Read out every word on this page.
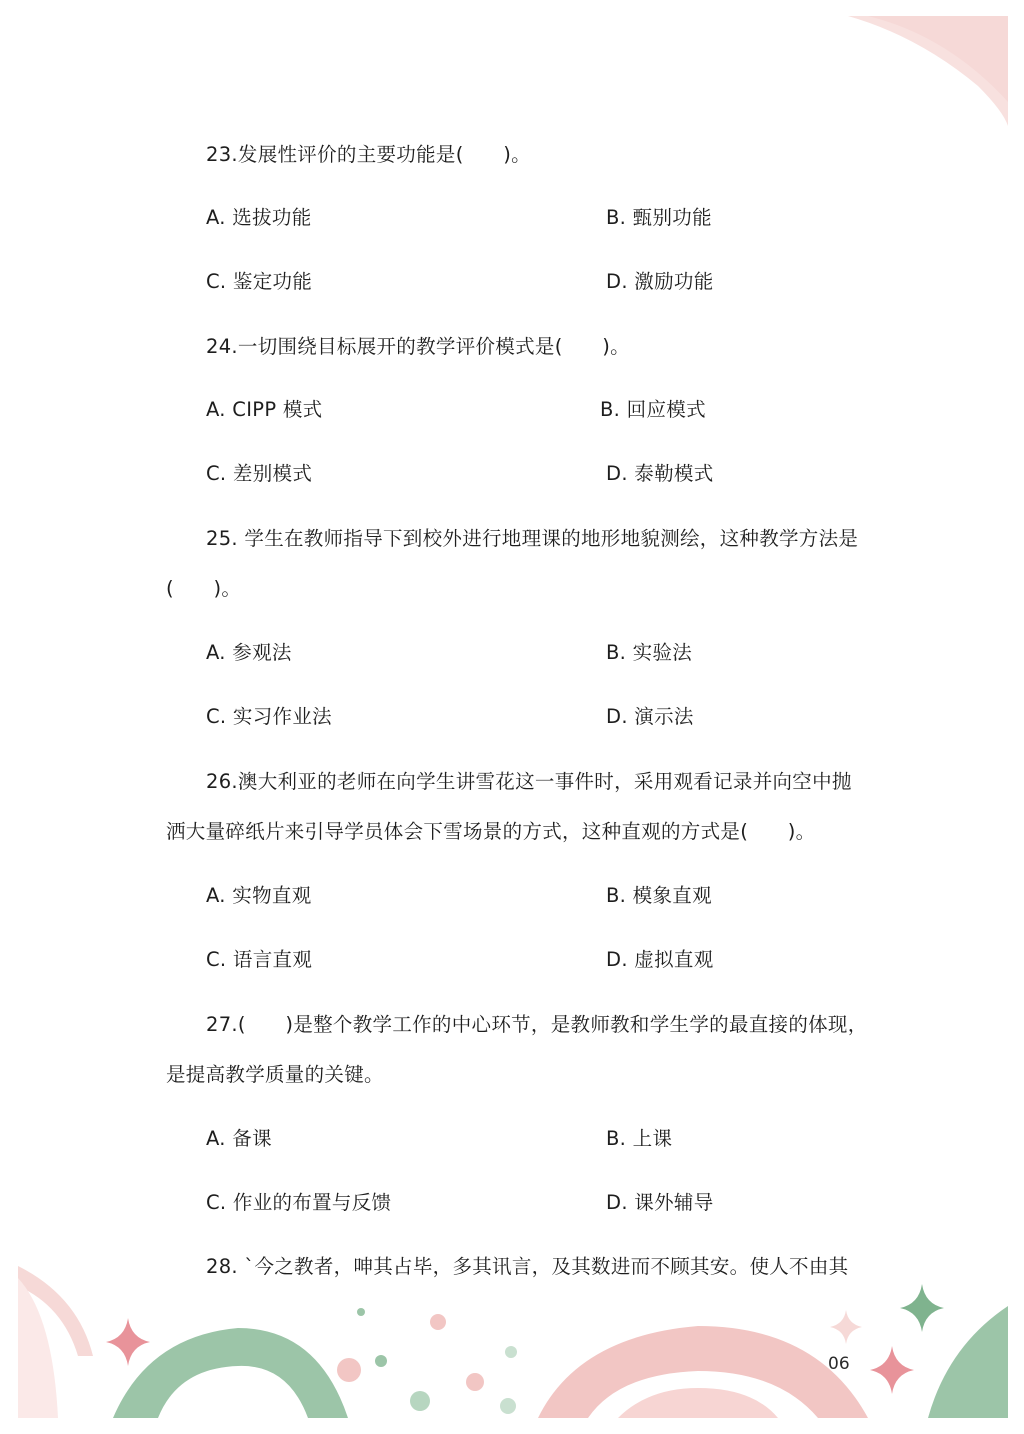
23.发展性评价的主要功能是(　　)。
A. 选拔功能	B. 甄别功能
C. 鉴定功能	D. 激励功能
24.一切围绕目标展开的教学评价模式是(　　)。
A. CIPP 模式	B. 回应模式
C. 差别模式	D. 泰勒模式
25. 学生在教师指导下到校外进行地理课的地形地貌测绘，这种教学方法是
(　　)。
A. 参观法	B. 实验法
C. 实习作业法	D. 演示法
26.澳大利亚的老师在向学生讲雪花这一事件时，采用观看记录并向空中抛
洒大量碎纸片来引导学员体会下雪场景的方式，这种直观的方式是(　　)。
A. 实物直观	B. 模象直观
C. 语言直观	D. 虚拟直观
27.(　　)是整个教学工作的中心环节，是教师教和学生学的最直接的体现，
是提高教学质量的关键。
A. 备课	B. 上课
C. 作业的布置与反馈	D. 课外辅导
28. ˋ今之教者，呻其占毕，多其讯言，及其数进而不顾其安。使人不由其
06
